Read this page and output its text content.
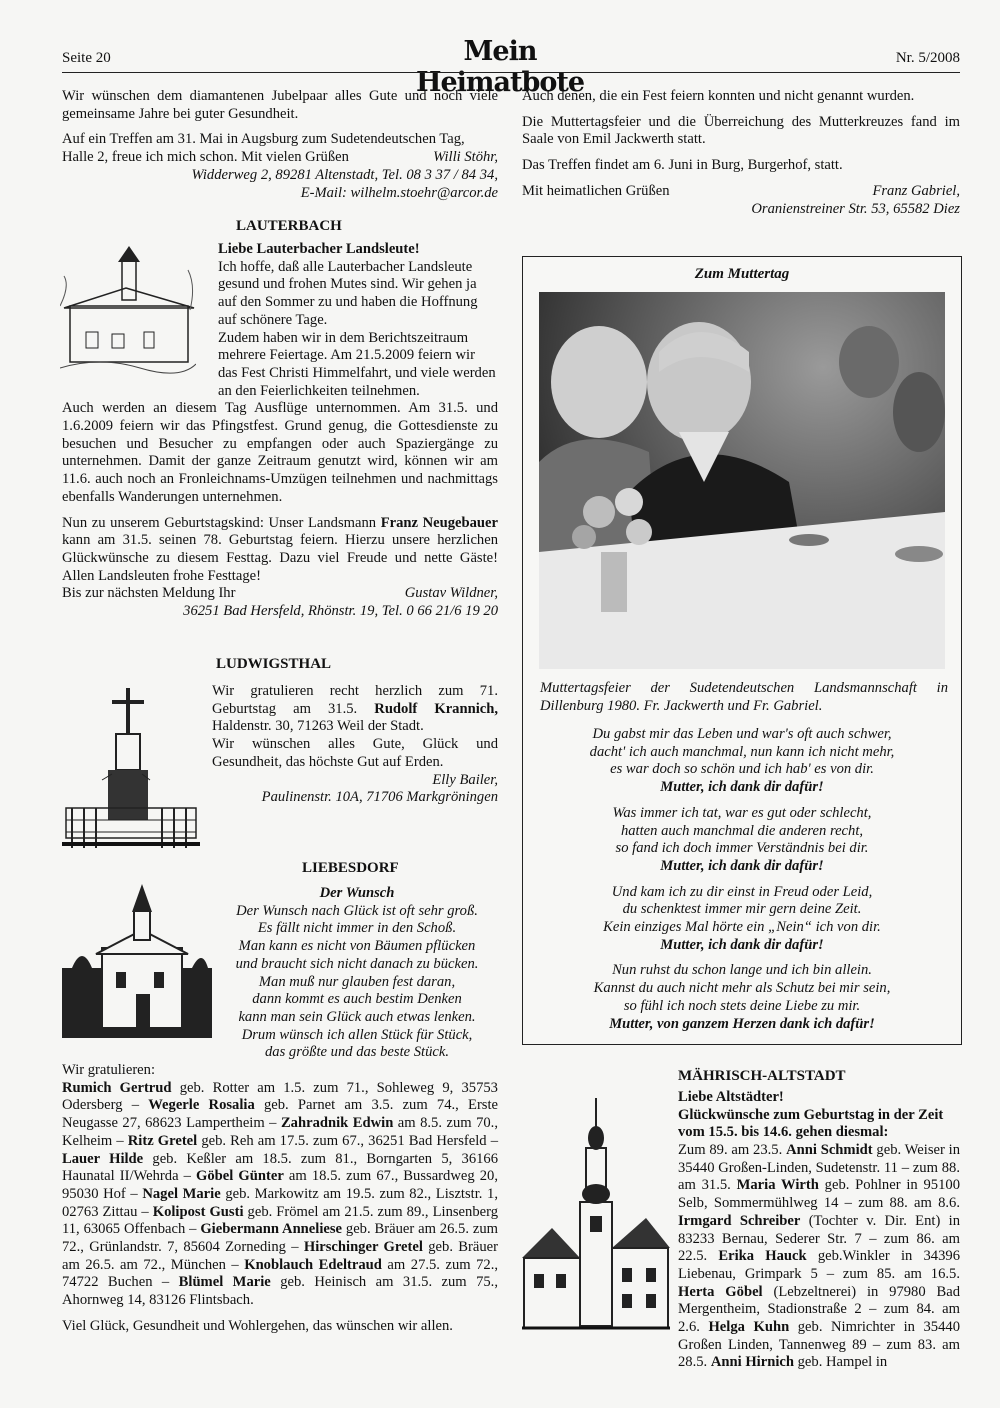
Seite 20	Mein Heimatbote
Nr. 5/2008

Wir wünschen dem diamantenen Jubelpaar alles Gute und noch viele gemeinsame Jahre bei guter Gesundheit.

Auf ein Treffen am 31. Mai in Augsburg zum Sudetendeutschen Tag, Halle 2, freue ich mich schon. Mit vielen Grüßen	Willi Stöhr,

Widderweg 2, 89281 Altenstadt, Tel. 08 3 37 / 84 34,

E-Mail: wilhelm.stoehr@arcor.de

LAUTERBACH

Liebe Lauterbacher Landsleute!

Ich hoffe, daß alle Lauterbacher Landsleute gesund und frohen Mutes sind. Wir gehen ja auf den Sommer zu und haben die Hoffnung auf schönere Tage.

Zudem haben wir in dem Berichtszeitraum mehrere Feiertage. Am 21.5.2009 feiern wir das Fest Christi Himmelfahrt, und viele werden an den Feierlichkeiten teilnehmen.

Auch werden an diesem Tag Ausflüge unternommen. Am 31.5. und 1.6.2009 feiern wir das Pfingstfest. Grund genug, die Gottesdienste zu besuchen und Besucher zu empfangen oder auch Spaziergänge zu unternehmen. Damit der ganze Zeitraum genutzt wird, können wir am 11.6. auch noch an Fronleichnams-Umzügen teilnehmen und nachmittags ebenfalls Wanderungen unternehmen.

Nun zu unserem Geburtstagskind: Unser Landsmann Franz Neugebauer kann am 31.5. seinen 78. Geburtstag feiern. Hierzu unsere herzlichen Glückwünsche zu diesem Festtag. Dazu viel Freude und nette Gäste! Allen Landsleuten frohe Festtage!

Bis zur nächsten Meldung Ihr	Gustav Wildner,

36251 Bad Hersfeld, Rhönstr. 19, Tel. 0 66 21/6 19 20

LUDWIGSTHAL

Wir gratulieren recht herzlich zum 71. Geburtstag am 31.5. Rudolf Krannich, Haldenstr. 30, 71263 Weil der Stadt.

Wir wünschen alles Gute, Glück und Gesundheit, das höchste Gut auf Erden.

Elly Bailer,

Paulinenstr. 10A, 71706 Markgröningen

LIEBESDORF

Der Wunsch

Der Wunsch nach Glück ist oft sehr groß.

Es fällt nicht immer in den Schoß.

Man kann es nicht von Bäumen pflücken

und braucht sich nicht danach zu bücken.

Man muß nur glauben fest daran,

dann kommt es auch bestim Denken

kann man sein Glück auch etwas lenken.

Drum wünsch ich allen Stück für Stück,

das größte und das beste Stück.

Wir gratulieren:

Rumich Gertrud geb. Rotter am 1.5. zum 71., Sohleweg 9, 35753 Odersberg – Wegerle Rosalia geb. Parnet am 3.5. zum 74., Erste Neugasse 27, 68623 Lampertheim – Zahradnik Edwin am 8.5. zum 70., Kelheim – Ritz Gretel geb. Reh am 17.5. zum 67., 36251 Bad Hersfeld – Lauer Hilde geb. Keßler am 18.5. zum 81., Borngarten 5, 36166 Haunatal II/Wehrda – Göbel Günter am 18.5. zum 67., Bussardweg 20, 95030 Hof – Nagel Marie geb. Markowitz am 19.5. zum 82., Lisztstr. 1, 02763 Zittau – Kolipost Gusti geb. Frömel am 21.5. zum 89., Linsenberg 11, 63065 Offenbach – Giebermann Anneliese geb. Bräuer am 26.5. zum 72., Grünlandstr. 7, 85604 Zorneding – Hirschinger Gretel geb. Bräuer am 26.5. am 72., München – Knoblauch Edeltraud am 27.5. zum 72., 74722 Buchen – Blümel Marie geb. Heinisch am 31.5. zum 75., Ahornweg 14, 83126 Flintsbach.

Viel Glück, Gesundheit und Wohlergehen, das wünschen wir allen.

Auch denen, die ein Fest feiern konnten und nicht genannt wurden.

Die Muttertagsfeier und die Überreichung des Mutterkreuzes fand im Saale von Emil Jackwerth statt.

Das Treffen findet am 6. Juni in Burg, Burgerhof, statt.

Mit heimatlichen Grüßen	Franz Gabriel,

Oranienstreiner Str. 53, 65582 Diez

Zum Muttertag
Muttertagsfeier der Sudetendeutschen Landsmannschaft in Dillenburg 1980. Fr. Jackwerth und Fr. Gabriel.

Du gabst mir das Leben und war's oft auch schwer,

dacht' ich auch manchmal, nun kann ich nicht mehr,

es war doch so schön und ich hab' es von dir.

Mutter, ich dank dir dafür!

Was immer ich tat, war es gut oder schlecht,

hatten auch manchmal die anderen recht,

so fand ich doch immer Verständnis bei dir.

Mutter, ich dank dir dafür!

Und kam ich zu dir einst in Freud oder Leid,

du schenktest immer mir gern deine Zeit.

Kein einziges Mal hörte ein „Nein“ ich von dir.

Mutter, ich dank dir dafür!

Nun ruhst du schon lange und ich bin allein.

Kannst du auch nicht mehr als Schutz bei mir sein,

so fühl ich noch stets deine Liebe zu mir.

Mutter, von ganzem Herzen dank ich dafür!

MÄHRISCH-ALTSTADT

Liebe Altstädter!

Glückwünsche zum Geburtstag in der Zeit vom 15.5. bis 14.6. gehen diesmal:

Zum 89. am 23.5. Anni Schmidt geb. Weiser in 35440 Großen-Linden, Sudetenstr. 11 – zum 88. am 31.5. Maria Wirth geb. Pohlner in 95100 Selb, Sommermühlweg 14 – zum 88. am 8.6. Irmgard Schreiber (Tochter v. Dir. Ent) in 83233 Bernau, Sederer Str. 7 – zum 86. am 22.5. Erika Hauck geb.Winkler in 34396 Liebenau, Grimpark 5 – zum 85. am 16.5. Herta Göbel (Lebzeltnerei) in 97980 Bad Mergentheim, Stadionstraße 2 – zum 84. am 2.6. Helga Kuhn geb. Nimrichter in 35440 Großen Linden, Tannenweg 89 – zum 83. am 28.5. Anni Hirnich geb. Hampel in
